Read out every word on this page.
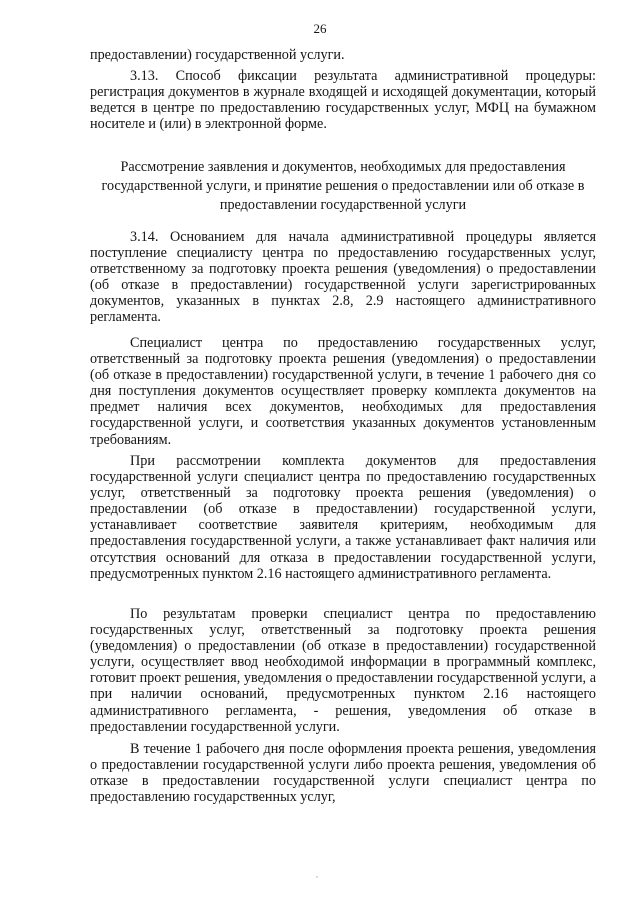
26

предоставлении) государственной услуги.

3.13. Способ фиксации результата административной процедуры: регистрация документов в журнале входящей и исходящей документации, который ведется в центре по предоставлению государственных услуг, МФЦ на бумажном носителе и (или) в электронной форме.

Рассмотрение заявления и документов, необходимых для предоставления государственной услуги, и принятие решения о предоставлении или об отказе в предоставлении государственной услуги

3.14. Основанием для начала административной процедуры является поступление специалисту центра по предоставлению государственных услуг, ответственному за подготовку проекта решения (уведомления) о предоставлении (об отказе в предоставлении) государственной услуги зарегистрированных документов, указанных в пунктах 2.8, 2.9 настоящего административного регламента.

Специалист центра по предоставлению государственных услуг, ответственный за подготовку проекта решения (уведомления) о предоставлении (об отказе в предоставлении) государственной услуги, в течение 1 рабочего дня со дня поступления документов осуществляет проверку комплекта документов на предмет наличия всех документов, необходимых для предоставления государственной услуги, и соответствия указанных документов установленным требованиям.

При рассмотрении комплекта документов для предоставления государственной услуги специалист центра по предоставлению государственных услуг, ответственный за подготовку проекта решения (уведомления) о предоставлении (об отказе в предоставлении) государственной услуги, устанавливает соответствие заявителя критериям, необходимым для предоставления государственной услуги, а также устанавливает факт наличия или отсутствия оснований для отказа в предоставлении государственной услуги, предусмотренных пунктом 2.16 настоящего административного регламента.

По результатам проверки специалист центра по предоставлению государственных услуг, ответственный за подготовку проекта решения (уведомления) о предоставлении (об отказе в предоставлении) государственной услуги, осуществляет ввод необходимой информации в программный комплекс, готовит проект решения, уведомления о предоставлении государственной услуги, а при наличии оснований, предусмотренных пунктом 2.16 настоящего административного регламента, - решения, уведомления об отказе в предоставлении государственной услуги.

В течение 1 рабочего дня после оформления проекта решения, уведомления о предоставлении государственной услуги либо проекта решения, уведомления об отказе в предоставлении государственной услуги специалист центра по предоставлению государственных услуг,
